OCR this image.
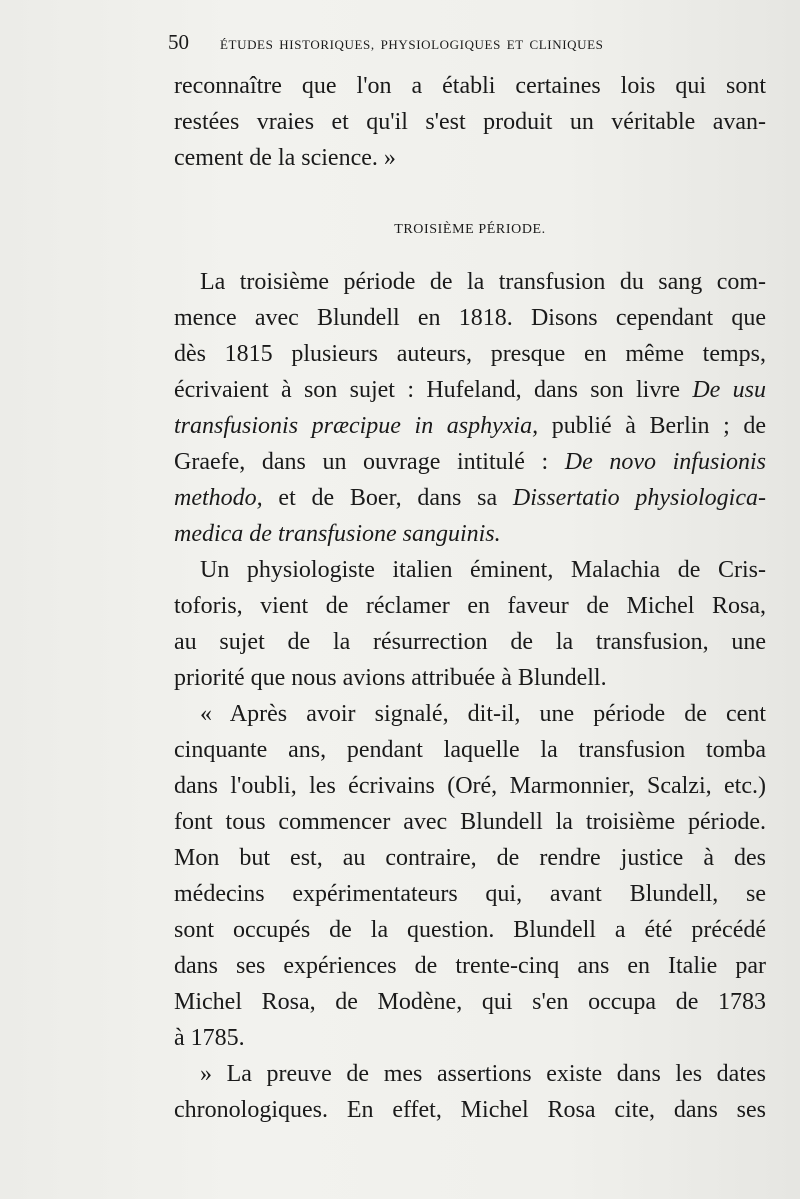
50	ÉTUDES HISTORIQUES, PHYSIOLOGIQUES ET CLINIQUES

reconnaître que l'on a établi certaines lois qui sont
restées vraies et qu'il s'est produit un véritable avan-
cement de la science. »

TROISIÈME PÉRIODE.

La troisième période de la transfusion du sang com-
mence avec Blundell en 1818. Disons cependant que
dès 1815 plusieurs auteurs, presque en même temps,
écrivaient à son sujet : Hufeland, dans son livre De usu
transfusionis præcipue in asphyxia, publié à Berlin ; de
Graefe, dans un ouvrage intitulé : De novo infusionis
methodo, et de Boer, dans sa Dissertatio physiologica-
medica de transfusione sanguinis.

Un physiologiste italien éminent, Malachia de Cris-
toforis, vient de réclamer en faveur de Michel Rosa,
au sujet de la résurrection de la transfusion, une
priorité que nous avions attribuée à Blundell.

« Après avoir signalé, dit-il, une période de cent
cinquante ans, pendant laquelle la transfusion tomba
dans l'oubli, les écrivains (Oré, Marmonnier, Scalzi, etc.)
font tous commencer avec Blundell la troisième période.
Mon but est, au contraire, de rendre justice à des
médecins expérimentateurs qui, avant Blundell, se
sont occupés de la question. Blundell a été précédé
dans ses expériences de trente-cinq ans en Italie par
Michel Rosa, de Modène, qui s'en occupa de 1783
à 1785.

» La preuve de mes assertions existe dans les dates
chronologiques. En effet, Michel Rosa cite, dans ses
